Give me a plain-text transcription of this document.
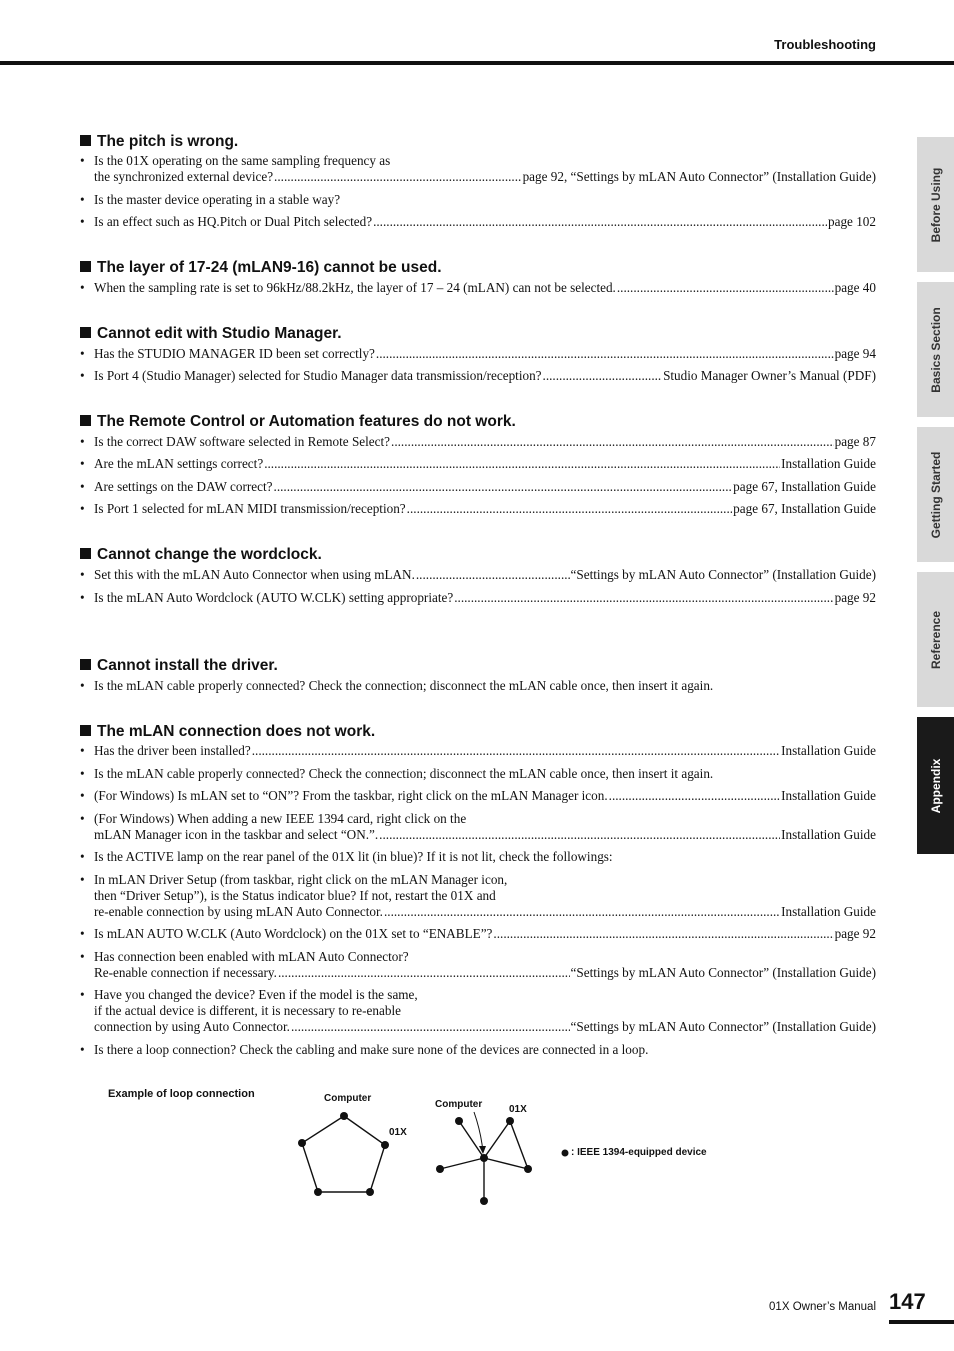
Troubleshooting
Before Using
Basics Section
Getting Started
Reference
Appendix
The pitch is wrong.
• Is the 01X operating on the same sampling frequency as
the synchronized external device? .....	page 92, “Settings by mLAN Auto Connector” (Installation Guide)
• Is the master device operating in a stable way?
• Is an effect such as HQ.Pitch or Dual Pitch selected? .....	page 102
The layer of 17-24 (mLAN9-16) cannot be used.
• When the sampling rate is set to 96kHz/88.2kHz, the layer of 17 – 24 (mLAN) can not be selected. .....	page 40
Cannot edit with Studio Manager.
• Has the STUDIO MANAGER ID been set correctly? .....	page 94
• Is Port 4 (Studio Manager) selected for Studio Manager data transmission/reception? .....	Studio Manager Owner’s Manual (PDF)
The Remote Control or Automation features do not work.
• Is the correct DAW software selected in Remote Select? .....	page 87
• Are the mLAN settings correct? .....	Installation Guide
• Are settings on the DAW correct? .....	page 67, Installation Guide
• Is Port 1 selected for mLAN MIDI transmission/reception? .....	page 67, Installation Guide
Cannot change the wordclock.
• Set this with the mLAN Auto Connector when using mLAN. .....	“Settings by mLAN Auto Connector” (Installation Guide)
• Is the mLAN Auto Wordclock (AUTO W.CLK) setting appropriate? .....	page 92
Cannot install the driver.
• Is the mLAN cable properly connected? Check the connection; disconnect the mLAN cable once, then insert it again.
The mLAN connection does not work.
• Has the driver been installed? .....	Installation Guide
• Is the mLAN cable properly connected? Check the connection; disconnect the mLAN cable once, then insert it again.
• (For Windows) Is mLAN set to “ON”? From the taskbar, right click on the mLAN Manager icon. .....	Installation Guide
• (For Windows) When adding a new IEEE 1394 card, right click on the
mLAN Manager icon in the taskbar and select “ON.”. .....	Installation Guide
• Is the ACTIVE lamp on the rear panel of the 01X lit (in blue)? If it is not lit, check the followings:
• In mLAN Driver Setup (from taskbar, right click on the mLAN Manager icon,
then “Driver Setup”), is the Status indicator blue? If not, restart the 01X and
re-enable connection by using mLAN Auto Connector. .....	Installation Guide
• Is mLAN AUTO W.CLK (Auto Wordclock) on the 01X set to “ENABLE”? .....	page 92
• Has connection been enabled with mLAN Auto Connector?
Re-enable connection if necessary. .....	“Settings by mLAN Auto Connector” (Installation Guide)
• Have you changed the device? Even if the model is the same,
if the actual device is different, it is necessary to re-enable
connection by using Auto Connector. .....	“Settings by mLAN Auto Connector” (Installation Guide)
• Is there a loop connection? Check the cabling and make sure none of the devices are connected in a loop.
Example of loop connection	Computer
01X
Computer	01X
: IEEE 1394-equipped device
01X Owner’s Manual 147
